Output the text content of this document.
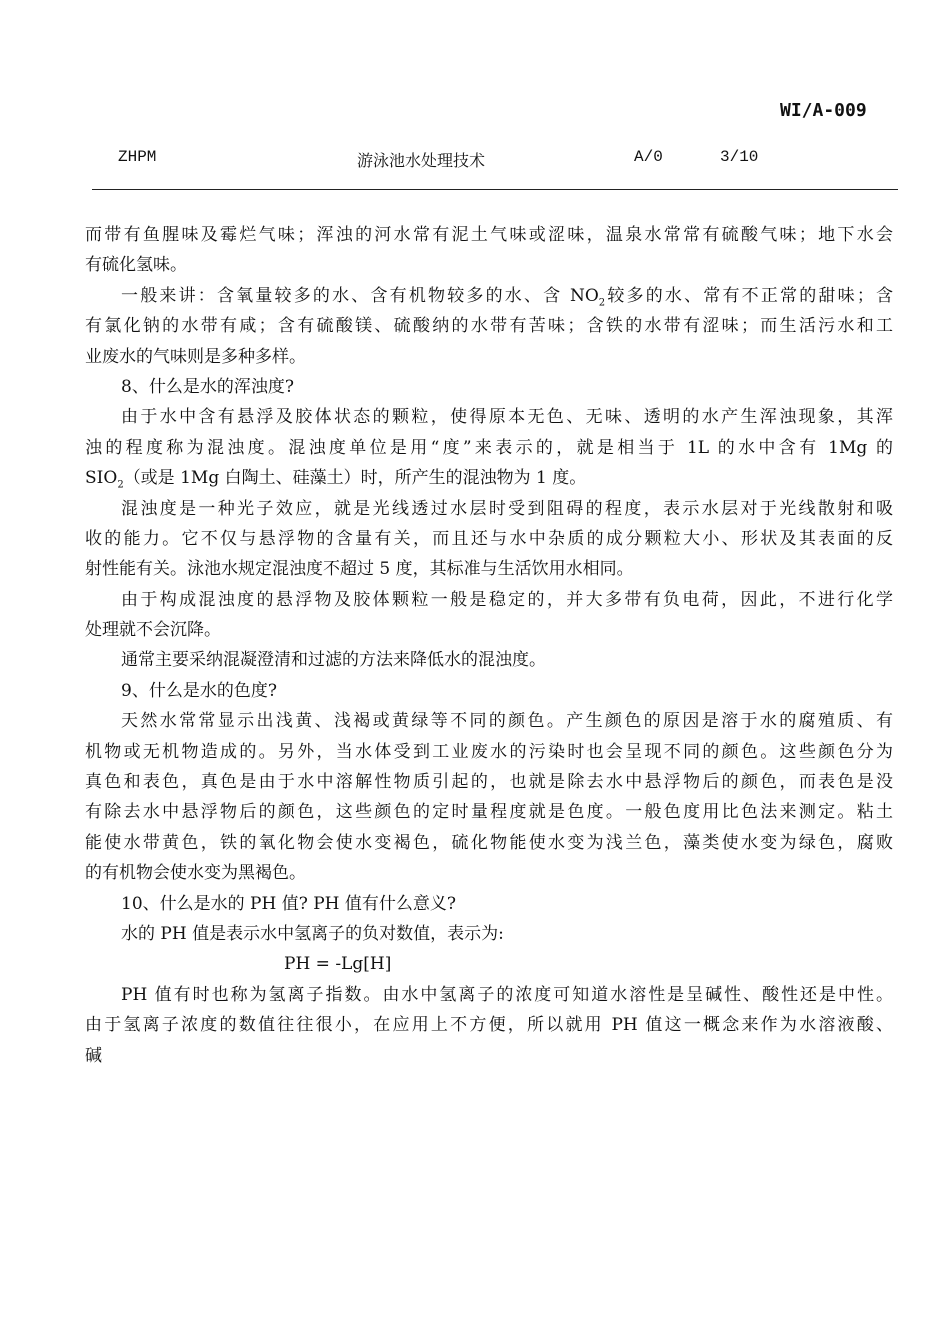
WI/A-009
ZHPM	游泳池水处理技术	A/0	3/10
而带有鱼腥味及霉烂气味；浑浊的河水常有泥土气味或涩味，温泉水常常有硫酸气味；地下水会
有硫化氢味。
一般来讲：含氧量较多的水、含有机物较多的水、含 $NO_2$较多的水、常有不正常的甜味；含
有氯化钠的水带有咸；含有硫酸镁、硫酸纳的水带有苦味；含铁的水带有涩味；而生活污水和工
业废水的气味则是多种多样。
8、什么是水的浑浊度?
由于水中含有悬浮及胶体状态的颗粒，使得原本无色、无味、透明的水产生浑浊现象，其浑
浊的程度称为混浊度。混浊度单位是用“度”来表示的，就是相当于 1L 的水中含有 1Mg 的
$SIO_2$（或是 1Mg 白陶土、硅藻土）时，所产生的混浊物为 1 度。
混浊度是一种光子效应，就是光线透过水层时受到阻碍的程度，表示水层对于光线散射和吸
收的能力。它不仅与悬浮物的含量有关，而且还与水中杂质的成分颗粒大小、形状及其表面的反
射性能有关。泳池水规定混浊度不超过 5 度，其标准与生活饮用水相同。
由于构成混浊度的悬浮物及胶体颗粒一般是稳定的，并大多带有负电荷，因此，不进行化学
处理就不会沉降。
通常主要采纳混凝澄清和过滤的方法来降低水的混浊度。
9、什么是水的色度?
天然水常常显示出浅黄、浅褐或黄绿等不同的颜色。产生颜色的原因是溶于水的腐殖质、有
机物或无机物造成的。另外，当水体受到工业废水的污染时也会呈现不同的颜色。这些颜色分为
真色和表色，真色是由于水中溶解性物质引起的，也就是除去水中悬浮物后的颜色，而表色是没
有除去水中悬浮物后的颜色，这些颜色的定时量程度就是色度。一般色度用比色法来测定。粘土
能使水带黄色，铁的氧化物会使水变褐色，硫化物能使水变为浅兰色，藻类使水变为绿色，腐败
的有机物会使水变为黑褐色。
10、什么是水的 PH 值? PH 值有什么意义?
水的 PH 值是表示水中氢离子的负对数值，表示为:
PH = -Lg[H]
PH 值有时也称为氢离子指数。由水中氢离子的浓度可知道水溶性是呈碱性、酸性还是中性。
由于氢离子浓度的数值往往很小，在应用上不方便，所以就用 PH 值这一概念来作为水溶液酸、
碱
